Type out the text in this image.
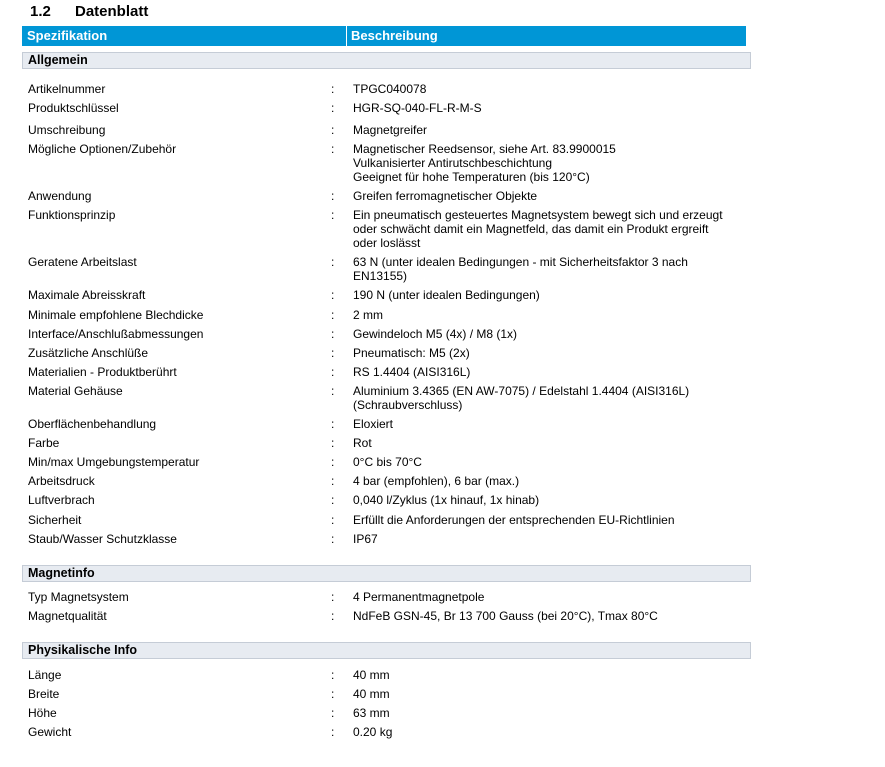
1.2 Datenblatt
Spezifikation	Beschreibung
Allgemein
Artikelnummer	: TPGC040078
Produktschlüssel	: HGR-SQ-040-FL-R-M-S
Umschreibung	: Magnetgreifer
Mögliche Optionen/Zubehör	: Magnetischer Reedsensor, siehe Art. 83.9900015
Vulkanisierter Antirutschbeschichtung
Geeignet für hohe Temperaturen (bis 120°C)
Anwendung	: Greifen ferromagnetischer Objekte
Funktionsprinzip	: Ein pneumatisch gesteuertes Magnetsystem bewegt sich und erzeugt
oder schwächt damit ein Magnetfeld, das damit ein Produkt ergreift
oder loslässt
Geratene Arbeitslast	: 63 N (unter idealen Bedingungen - mit Sicherheitsfaktor 3 nach
EN13155)
Maximale Abreisskraft	: 190 N (unter idealen Bedingungen)
Minimale empfohlene Blechdicke	: 2 mm
Interface/Anschlußabmessungen	: Gewindeloch M5 (4x) / M8 (1x)
Zusätzliche Anschlüße	: Pneumatisch: M5 (2x)
Materialien - Produktberührt	: RS 1.4404 (AISI316L)
Material Gehäuse	: Aluminium 3.4365 (EN AW-7075) / Edelstahl 1.4404 (AISI316L)
(Schraubverschluss)
Oberflächenbehandlung	: Eloxiert
Farbe	: Rot
Min/max Umgebungstemperatur	: 0°C bis 70°C
Arbeitsdruck	: 4 bar (empfohlen), 6 bar (max.)
Luftverbrach	: 0,040 l/Zyklus (1x hinauf, 1x hinab)
Sicherheit	: Erfüllt die Anforderungen der entsprechenden EU-Richtlinien
Staub/Wasser Schutzklasse	: IP67
Magnetinfo
Typ Magnetsystem	: 4 Permanentmagnetpole
Magnetqualität	: NdFeB GSN-45, Br 13 700 Gauss (bei 20°C), Tmax 80°C
Physikalische Info
Länge	: 40 mm
Breite	: 40 mm
Höhe	: 63 mm
Gewicht	: 0.20 kg
